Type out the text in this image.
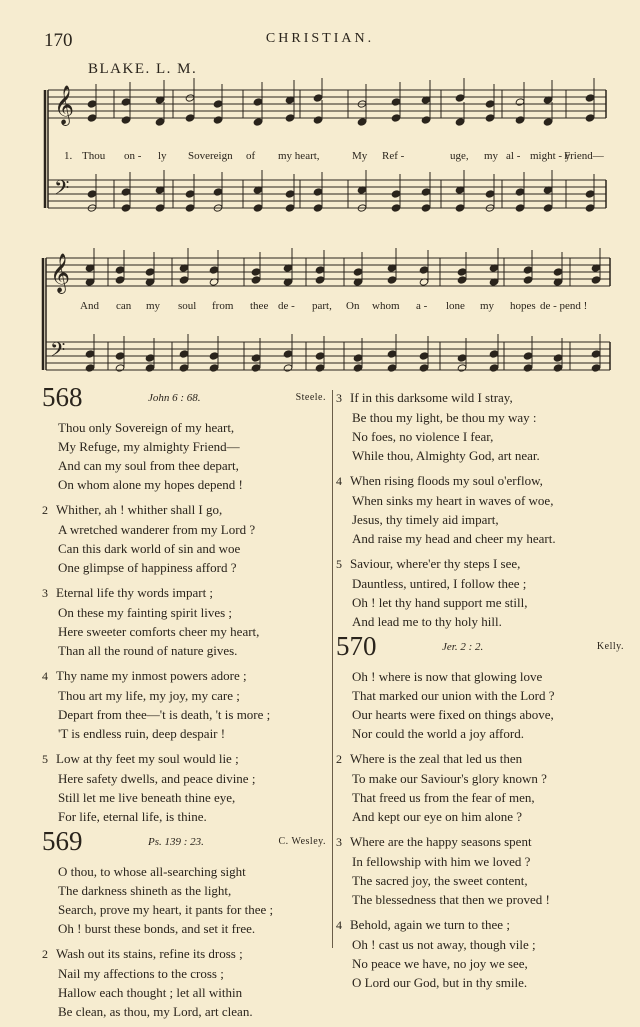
170	CHRISTIAN.
BLAKE. L. M.
𝄞
𝄢
𝄞
𝄢
1. Thou on - ly Sovereign of my heart,	My Ref -	uge, my al - might - y
Friend—
And can my soul from thee de - part, On whom a - lone my hopes de - pend !
568	John 6 : 68.	Steele.
Thou only Sovereign of my heart,
My Refuge, my almighty Friend—
And can my soul from thee depart,
On whom alone my hopes depend !
2 Whither, ah ! whither shall I go,
A wretched wanderer from my Lord ?
Can this dark world of sin and woe
One glimpse of happiness afford ?
3 Eternal life thy words impart ;
On these my fainting spirit lives ;
Here sweeter comforts cheer my heart,
Than all the round of nature gives.
4 Thy name my inmost powers adore ;
Thou art my life, my joy, my care ;
Depart from thee—'t is death, 't is more ;
'T is endless ruin, deep despair !
5 Low at thy feet my soul would lie ;
Here safety dwells, and peace divine ;
Still let me live beneath thine eye,
For life, eternal life, is thine.
569	Ps. 139 : 23.	C. Wesley.
O thou, to whose all-searching sight
The darkness shineth as the light,
Search, prove my heart, it pants for thee ;
Oh ! burst these bonds, and set it free.
2 Wash out its stains, refine its dross ;
Nail my affections to the cross ;
Hallow each thought ; let all within
Be clean, as thou, my Lord, art clean.
3 If in this darksome wild I stray,
Be thou my light, be thou my way :
No foes, no violence I fear,
While thou, Almighty God, art near.
4 When rising floods my soul o'erflow,
When sinks my heart in waves of woe,
Jesus, thy timely aid impart,
And raise my head and cheer my heart.
5 Saviour, where'er thy steps I see,
Dauntless, untired, I follow thee ;
Oh ! let thy hand support me still,
And lead me to thy holy hill.
570	Jer. 2 : 2.	Kelly.
Oh ! where is now that glowing love
That marked our union with the Lord ?
Our hearts were fixed on things above,
Nor could the world a joy afford.
2 Where is the zeal that led us then
To make our Saviour's glory known ?
That freed us from the fear of men,
And kept our eye on him alone ?
3 Where are the happy seasons spent
In fellowship with him we loved ?
The sacred joy, the sweet content,
The blessedness that then we proved !
4 Behold, again we turn to thee ;
Oh ! cast us not away, though vile ;
No peace we have, no joy we see,
O Lord our God, but in thy smile.
